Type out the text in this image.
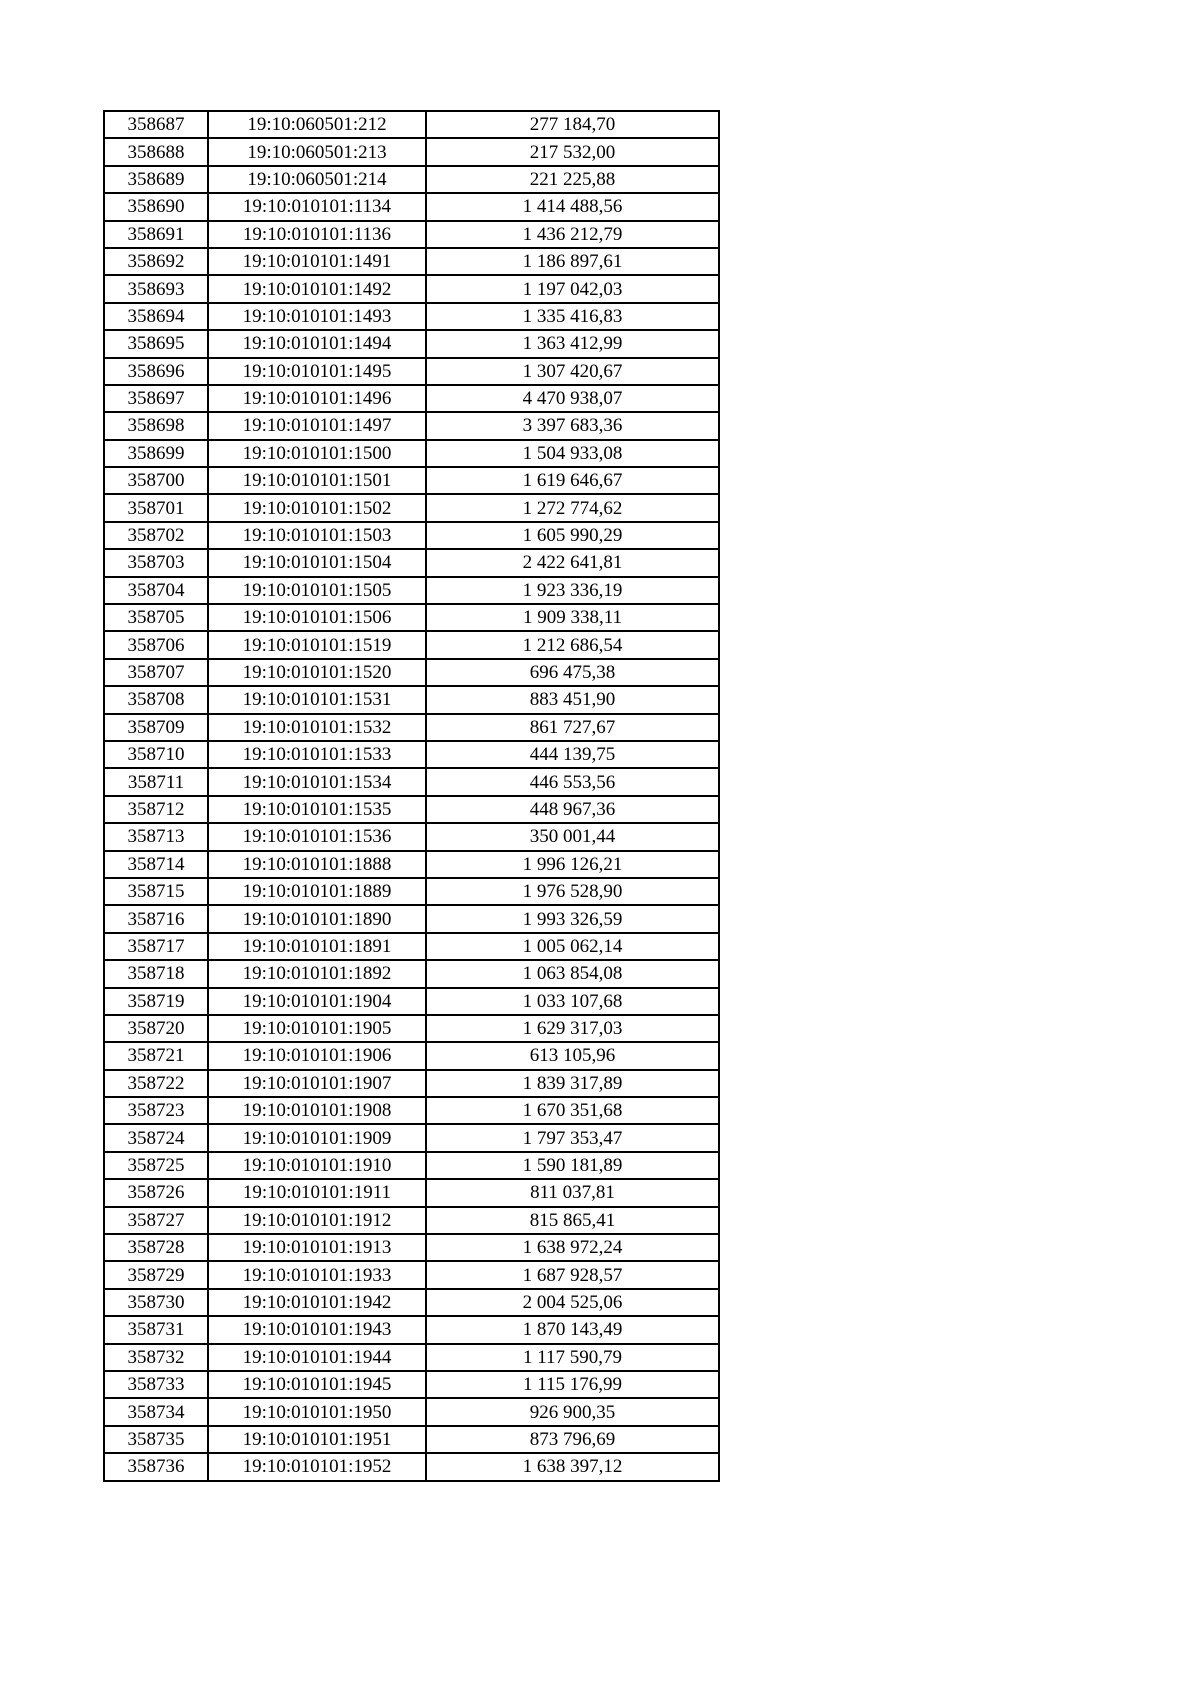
358687	19:10:060501:212	277 184,70
358688	19:10:060501:213	217 532,00
358689	19:10:060501:214	221 225,88
358690	19:10:010101:1134	1 414 488,56
358691	19:10:010101:1136	1 436 212,79
358692	19:10:010101:1491	1 186 897,61
358693	19:10:010101:1492	1 197 042,03
358694	19:10:010101:1493	1 335 416,83
358695	19:10:010101:1494	1 363 412,99
358696	19:10:010101:1495	1 307 420,67
358697	19:10:010101:1496	4 470 938,07
358698	19:10:010101:1497	3 397 683,36
358699	19:10:010101:1500	1 504 933,08
358700	19:10:010101:1501	1 619 646,67
358701	19:10:010101:1502	1 272 774,62
358702	19:10:010101:1503	1 605 990,29
358703	19:10:010101:1504	2 422 641,81
358704	19:10:010101:1505	1 923 336,19
358705	19:10:010101:1506	1 909 338,11
358706	19:10:010101:1519	1 212 686,54
358707	19:10:010101:1520	696 475,38
358708	19:10:010101:1531	883 451,90
358709	19:10:010101:1532	861 727,67
358710	19:10:010101:1533	444 139,75
358711	19:10:010101:1534	446 553,56
358712	19:10:010101:1535	448 967,36
358713	19:10:010101:1536	350 001,44
358714	19:10:010101:1888	1 996 126,21
358715	19:10:010101:1889	1 976 528,90
358716	19:10:010101:1890	1 993 326,59
358717	19:10:010101:1891	1 005 062,14
358718	19:10:010101:1892	1 063 854,08
358719	19:10:010101:1904	1 033 107,68
358720	19:10:010101:1905	1 629 317,03
358721	19:10:010101:1906	613 105,96
358722	19:10:010101:1907	1 839 317,89
358723	19:10:010101:1908	1 670 351,68
358724	19:10:010101:1909	1 797 353,47
358725	19:10:010101:1910	1 590 181,89
358726	19:10:010101:1911	811 037,81
358727	19:10:010101:1912	815 865,41
358728	19:10:010101:1913	1 638 972,24
358729	19:10:010101:1933	1 687 928,57
358730	19:10:010101:1942	2 004 525,06
358731	19:10:010101:1943	1 870 143,49
358732	19:10:010101:1944	1 117 590,79
358733	19:10:010101:1945	1 115 176,99
358734	19:10:010101:1950	926 900,35
358735	19:10:010101:1951	873 796,69
358736	19:10:010101:1952	1 638 397,12
